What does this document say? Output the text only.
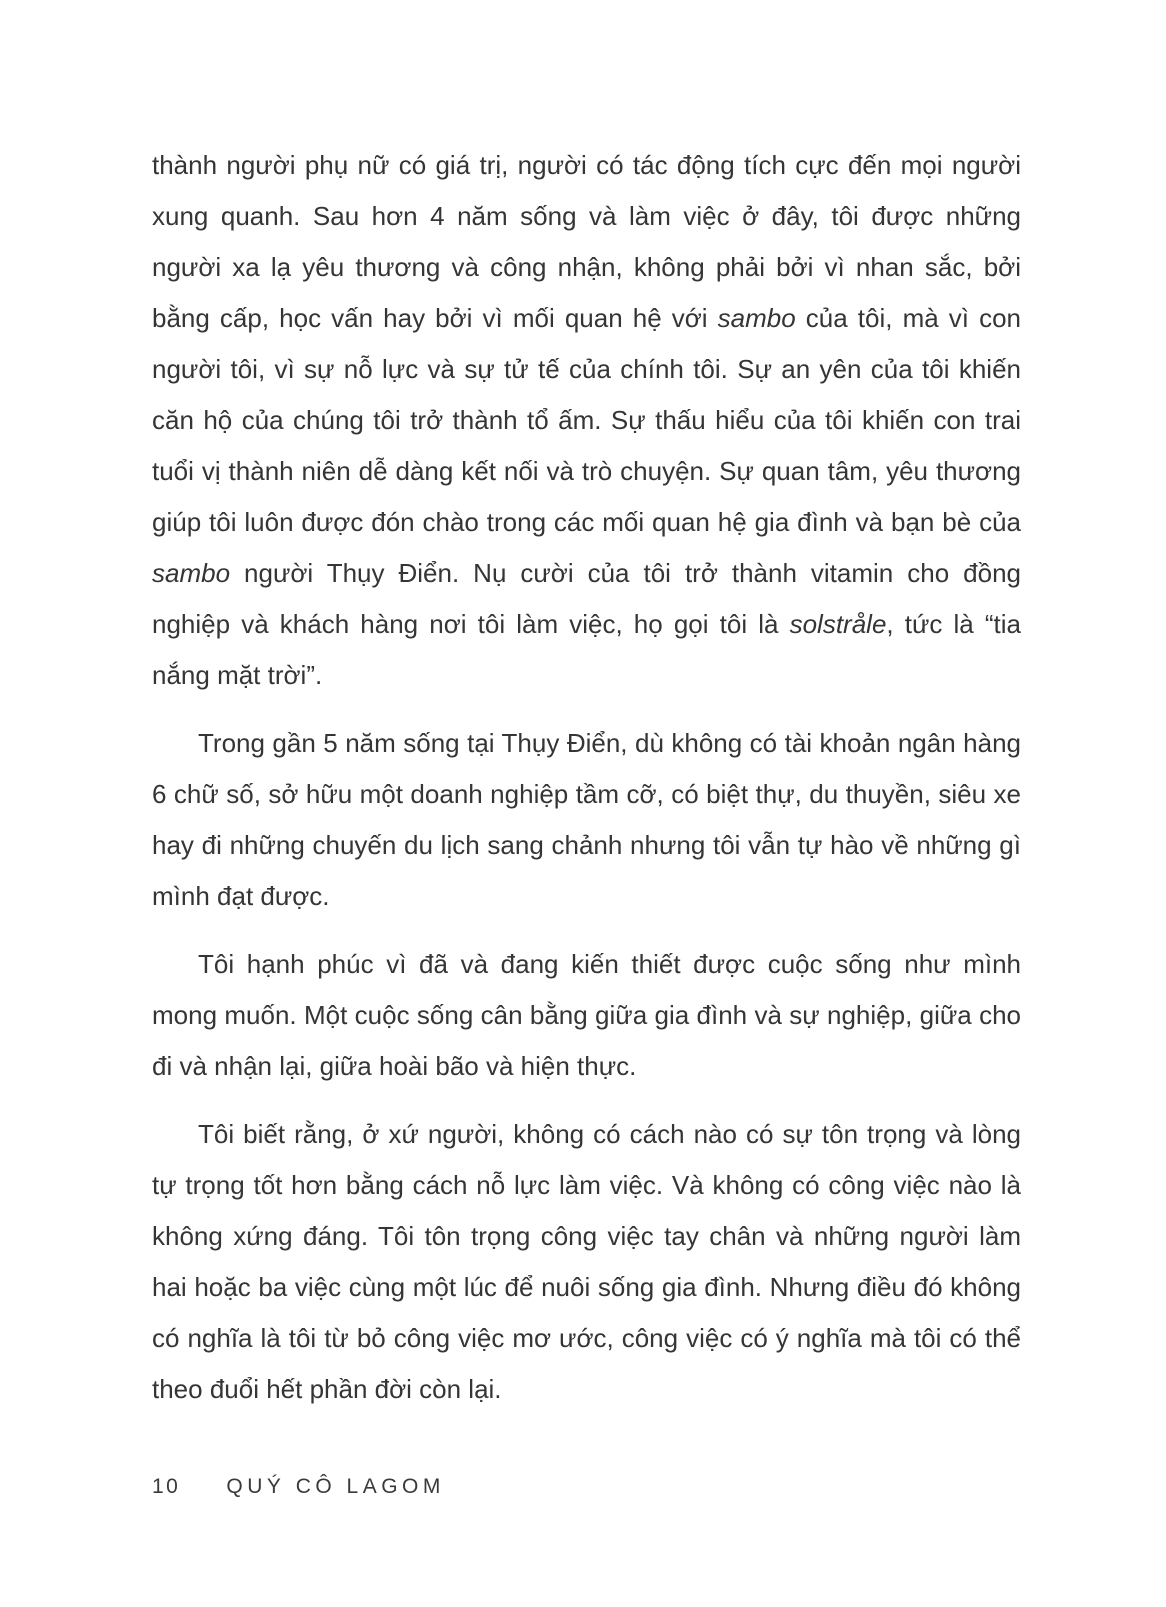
thành người phụ nữ có giá trị, người có tác động tích cực đến mọi người xung quanh. Sau hơn 4 năm sống và làm việc ở đây, tôi được những người xa lạ yêu thương và công nhận, không phải bởi vì nhan sắc, bởi bằng cấp, học vấn hay bởi vì mối quan hệ với sambo của tôi, mà vì con người tôi, vì sự nỗ lực và sự tử tế của chính tôi. Sự an yên của tôi khiến căn hộ của chúng tôi trở thành tổ ấm. Sự thấu hiểu của tôi khiến con trai tuổi vị thành niên dễ dàng kết nối và trò chuyện. Sự quan tâm, yêu thương giúp tôi luôn được đón chào trong các mối quan hệ gia đình và bạn bè của sambo người Thụy Điển. Nụ cười của tôi trở thành vitamin cho đồng nghiệp và khách hàng nơi tôi làm việc, họ gọi tôi là solstråle, tức là “tia nắng mặt trời”.

Trong gần 5 năm sống tại Thụy Điển, dù không có tài khoản ngân hàng 6 chữ số, sở hữu một doanh nghiệp tầm cỡ, có biệt thự, du thuyền, siêu xe hay đi những chuyến du lịch sang chảnh nhưng tôi vẫn tự hào về những gì mình đạt được.

Tôi hạnh phúc vì đã và đang kiến thiết được cuộc sống như mình mong muốn. Một cuộc sống cân bằng giữa gia đình và sự nghiệp, giữa cho đi và nhận lại, giữa hoài bão và hiện thực.

Tôi biết rằng, ở xứ người, không có cách nào có sự tôn trọng và lòng tự trọng tốt hơn bằng cách nỗ lực làm việc. Và không có công việc nào là không xứng đáng. Tôi tôn trọng công việc tay chân và những người làm hai hoặc ba việc cùng một lúc để nuôi sống gia đình. Nhưng điều đó không có nghĩa là tôi từ bỏ công việc mơ ước, công việc có ý nghĩa mà tôi có thể theo đuổi hết phần đời còn lại.

10 QUÝ CÔ LAGOM
